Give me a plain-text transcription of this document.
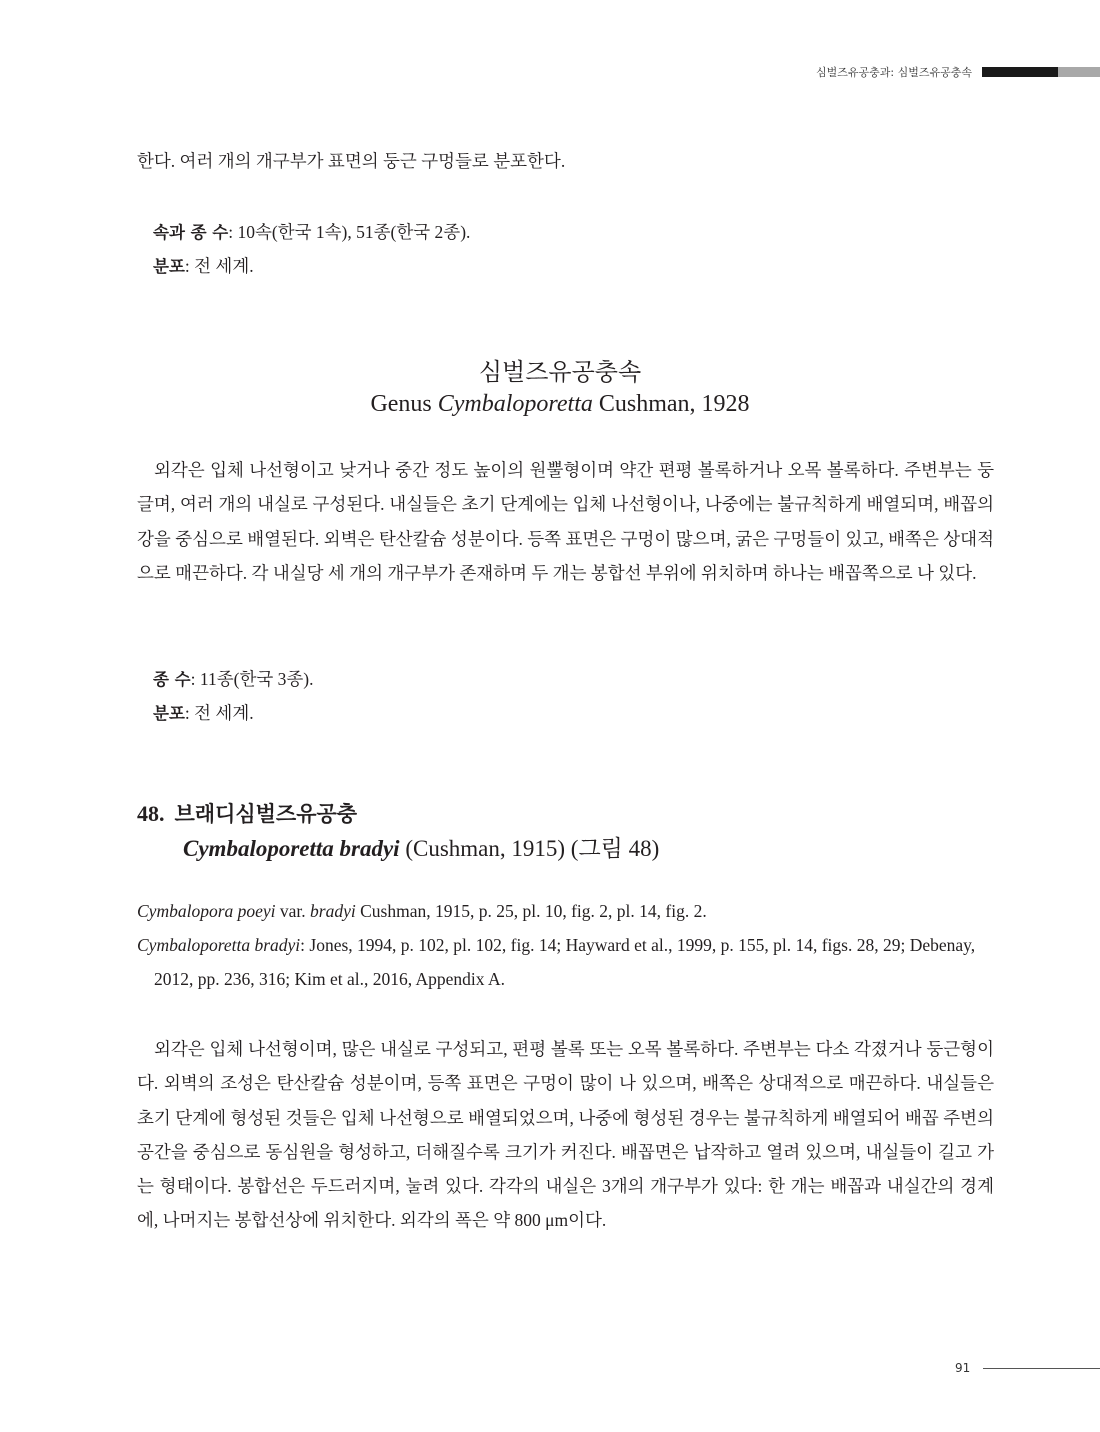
심벌즈유공충과: 심벌즈유공충속
한다. 여러 개의 개구부가 표면의 둥근 구멍들로 분포한다.
속과 종 수: 10속(한국 1속), 51종(한국 2종).
분포: 전 세계.
심벌즈유공충속
Genus Cymbaloporetta Cushman, 1928
외각은 입체 나선형이고 낮거나 중간 정도 높이의 원뿔형이며 약간 편평 볼록하거나 오목 볼록하다. 주변부는 둥글며, 여러 개의 내실로 구성된다. 내실들은 초기 단계에는 입체 나선형이나, 나중에는 불규칙하게 배열되며, 배꼽의 강을 중심으로 배열된다. 외벽은 탄산칼슘 성분이다. 등쪽 표면은 구멍이 많으며, 굵은 구멍들이 있고, 배쪽은 상대적으로 매끈하다. 각 내실당 세 개의 개구부가 존재하며 두 개는 봉합선 부위에 위치하며 하나는 배꼽쪽으로 나 있다.
종 수: 11종(한국 3종).
분포: 전 세계.
48. 브래디심벌즈유공충
Cymbaloporetta bradyi (Cushman, 1915) (그림 48)
Cymbalopora poeyi var. bradyi Cushman, 1915, p. 25, pl. 10, fig. 2, pl. 14, fig. 2.
Cymbaloporetta bradyi: Jones, 1994, p. 102, pl. 102, fig. 14; Hayward et al., 1999, p. 155, pl. 14, figs. 28, 29; Debenay, 2012, pp. 236, 316; Kim et al., 2016, Appendix A.
외각은 입체 나선형이며, 많은 내실로 구성되고, 편평 볼록 또는 오목 볼록하다. 주변부는 다소 각졌거나 둥근형이다. 외벽의 조성은 탄산칼슘 성분이며, 등쪽 표면은 구멍이 많이 나 있으며, 배쪽은 상대적으로 매끈하다. 내실들은 초기 단계에 형성된 것들은 입체 나선형으로 배열되었으며, 나중에 형성된 경우는 불규칙하게 배열되어 배꼽 주변의 공간을 중심으로 동심원을 형성하고, 더해질수록 크기가 커진다. 배꼽면은 납작하고 열려 있으며, 내실들이 길고 가는 형태이다. 봉합선은 두드러지며, 눌려 있다. 각각의 내실은 3개의 개구부가 있다: 한 개는 배꼽과 내실간의 경계에, 나머지는 봉합선상에 위치한다. 외각의 폭은 약 800 μm이다.
91
